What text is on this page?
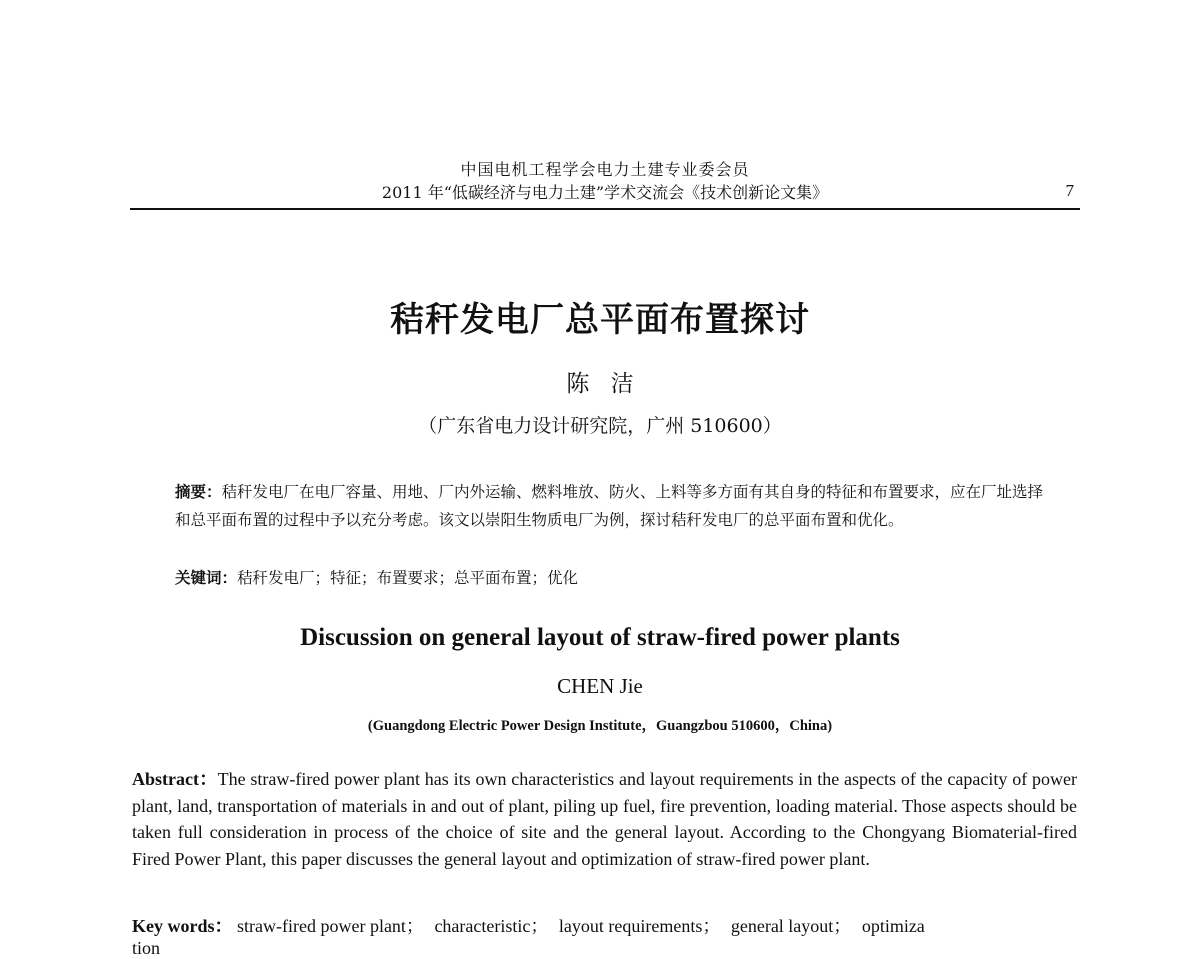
中国电机工程学会电力土建专业委会员
2011 年“低碳经济与电力土建”学术交流会《技术创新论文集》	7
秸秆发电厂总平面布置探讨
陈 洁
（广东省电力设计研究院，广州 510600）
摘要：秸秆发电厂在电厂容量、用地、厂内外运输、燃料堆放、防火、上料等多方面有其自身的特征和布置要求，应在厂址选择和总平面布置的过程中予以充分考虑。该文以崇阳生物质电厂为例，探讨秸秆发电厂的总平面布置和优化。
关键词：秸秆发电厂；特征；布置要求；总平面布置；优化
Discussion on general layout of straw-fired power plants
CHEN Jie
(Guangdong Electric Power Design Institute，Guangzbou 510600，China)
Abstract：The straw-fired power plant has its own characteristics and layout requirements in the aspects of the capacity of power plant, land, transportation of materials in and out of plant, piling up fuel, fire prevention, loading material. Those aspects should be taken full consideration in process of the choice of site and the general layout. According to the Chongyang Biomaterial-fired Fired Power Plant, this paper discusses the general layout and optimization of straw-fired power plant.
Key words： straw-fired power plant； characteristic； layout requirements； general layout； optimiza
tion
